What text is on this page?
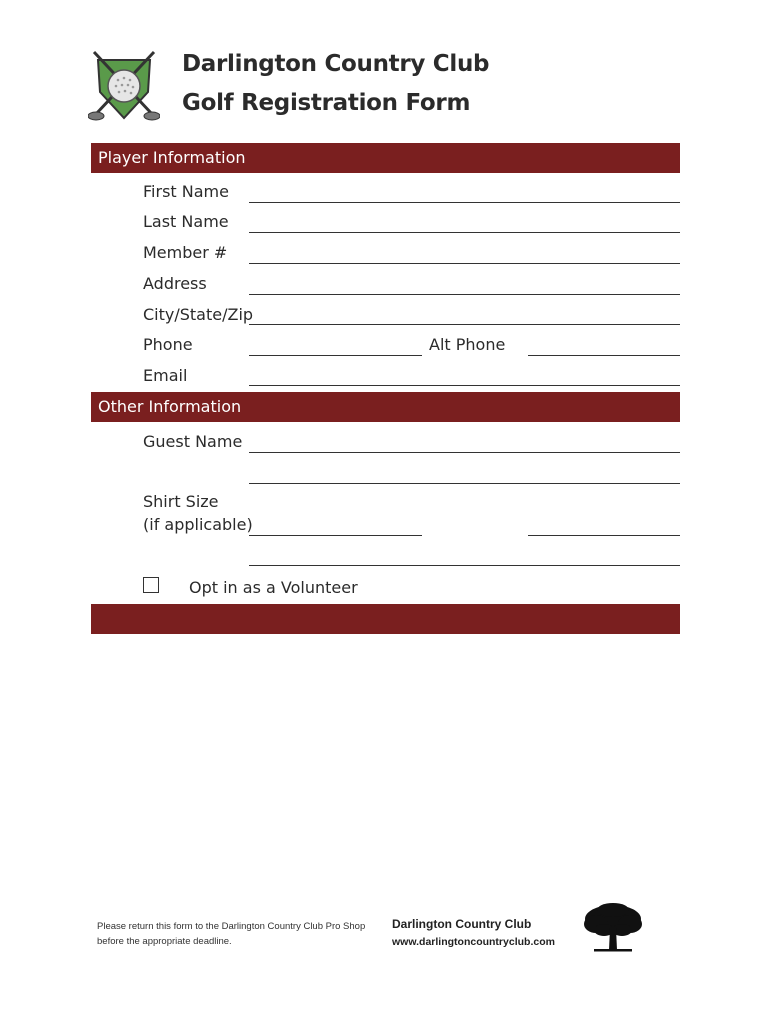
Darlington Country Club
Golf Registration Form
Player Information
First Name
Last Name
Member #
Address
City/State/Zip
Phone	Alt Phone
Email
Other Information
Guest Name
Shirt Size
(if applicable)
Opt in as a Volunteer
Please return this form to the Darlington Country Club Pro Shop before the appropriate deadline.
Darlington Country Club
www.darlingtoncountryclub.com
